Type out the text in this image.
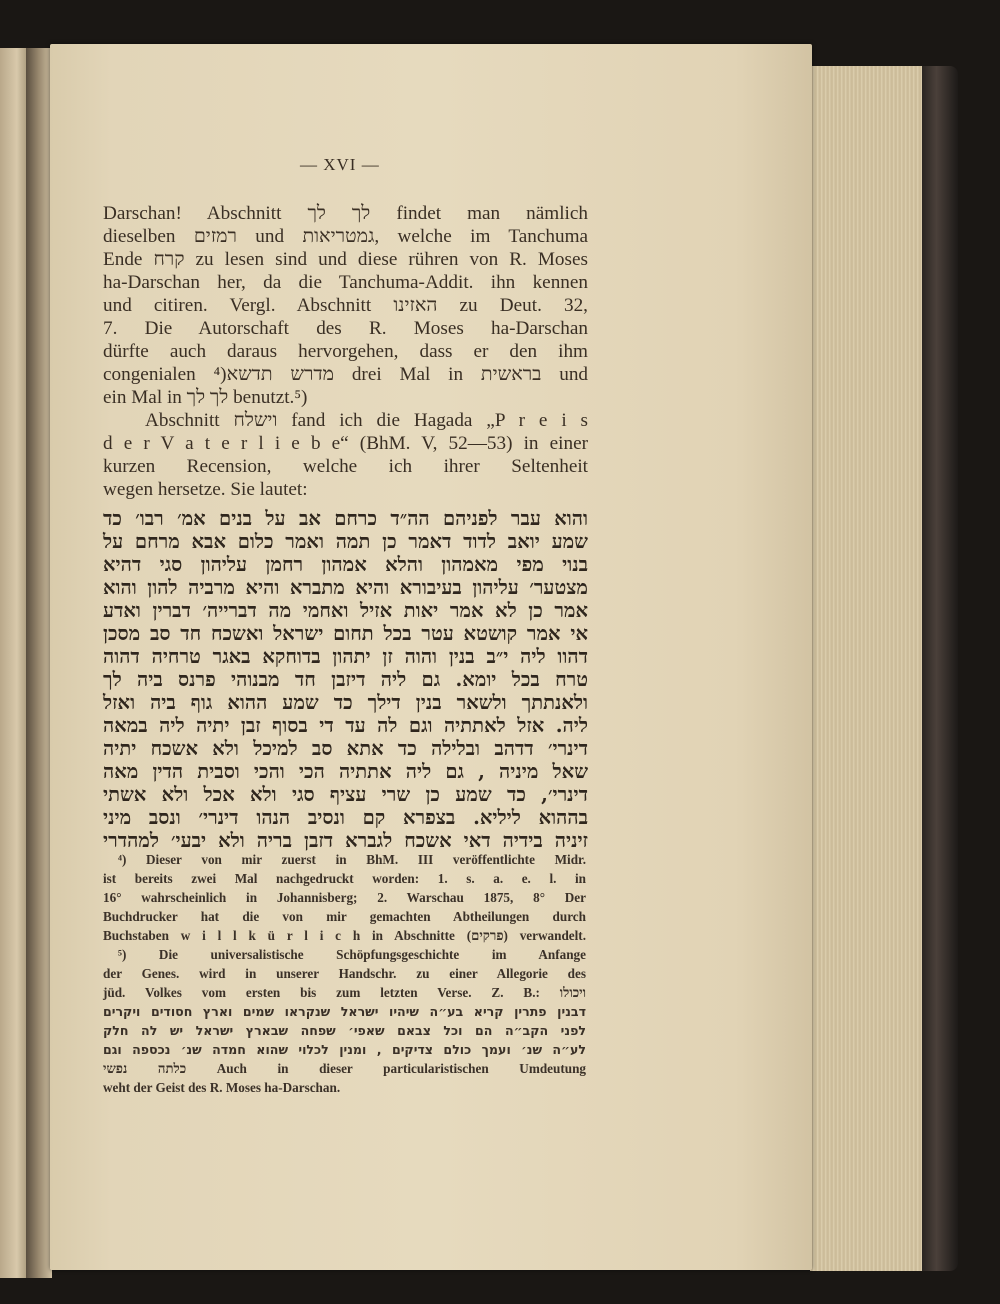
— XVI —
Darschan! Abschnitt לך לך findet man nämlich
dieselben רמזים und גמטריאות, welche im Tanchuma
Ende קרח zu lesen sind und diese rühren von R. Moses
ha-Darschan her, da die Tanchuma-Addit. ihn kennen
und citiren. Vergl. Abschnitt האזינו zu Deut. 32,
7. Die Autorschaft des R. Moses ha-Darschan
dürfte auch daraus hervorgehen, dass er den ihm
congenialen ⁴)מדרש תדשא drei Mal in בראשית und
ein Mal in לך לך benutzt.⁵)
Abschnitt וישלח fand ich die Hagada „P r e i s
d e r V a t e r l i e b e“ (BhM. V, 52—53) in einer
kurzen Recension, welche ich ihrer Seltenheit
wegen hersetze. Sie lautet:
והוא עבר לפניהם הה״ד כרחם אב על בנים אמ׳ רבו׳ כד
שמע יואב לדוד דאמר כן תמה ואמר כלום אבא מרחם על
בנוי מפי מאמהון והלא אמהון רחמן עליהון סגי דהיא
מצטער׳ עליהון בעיבורא והיא מתברא והיא מרביה להון והוא
אמר כן לא אמר יאות אזיל ואחמי מה דברייה׳ דברין ואדע
אי אמר קושטא עטר בכל תחום ישראל ואשכח חד סב מסכן
דהוו ליה י״ב בנין והוה זן יתהון בדוחקא באגר טרחיה דהוה
טרח בכל יומא. גם ליה דיזבן חד מבנוהי פרנס ביה לך
ולאנתתך ולשאר בנין דילך כד שמע ההוא גוף ביה ואזל
ליה. אזל לאתתיה וגם לה עד די בסוף זבן יתיה ליה במאה
דינרי׳ דדהב ובלילה כד אתא סב למיכל ולא אשכח יתיה
שאל מיניה , גם ליה אתתיה הכי והכי וסבית הדין מאה
דינרי׳, כד שמע כן שרי עציף סגי ולא אכל ולא אשתי
בההוא ליליא. בצפרא קם ונסיב הנהו דינרי׳ ונסב מיני
זיניה בידיה דאי אשכח לגברא דזבן בריה ולא יבעי׳ למהדרי
⁴) Dieser von mir zuerst in BhM. III veröffentlichte Midr.
ist bereits zwei Mal nachgedruckt worden: 1. s. a. e. l. in
16° wahrscheinlich in Johannisberg; 2. Warschau 1875, 8° Der
Buchdrucker hat die von mir gemachten Abtheilungen durch
Buchstaben w i l l k ü r l i c h in Abschnitte (פרקים) verwandelt.
⁵) Die universalistische Schöpfungsgeschichte im Anfange
der Genes. wird in unserer Handschr. zu einer Allegorie des
jüd. Volkes vom ersten bis zum letzten Verse. Z. B.: ויכולו
דבנין פתרין קריא בע״ה שיהיו ישראל שנקראו שמים וארץ חסודים ויקרים
לפני הקב״ה הם וכל צבאם שאפי׳ שפחה שבארץ ישראל יש לה חלק
לע״ה שנ׳ ועמך כולם צדיקים , ומנין לכלוי שהוא חמדה שנ׳ נכספה וגם
כלתה נפשי Auch in dieser particularistischen Umdeutung
weht der Geist des R. Moses ha-Darschan.
